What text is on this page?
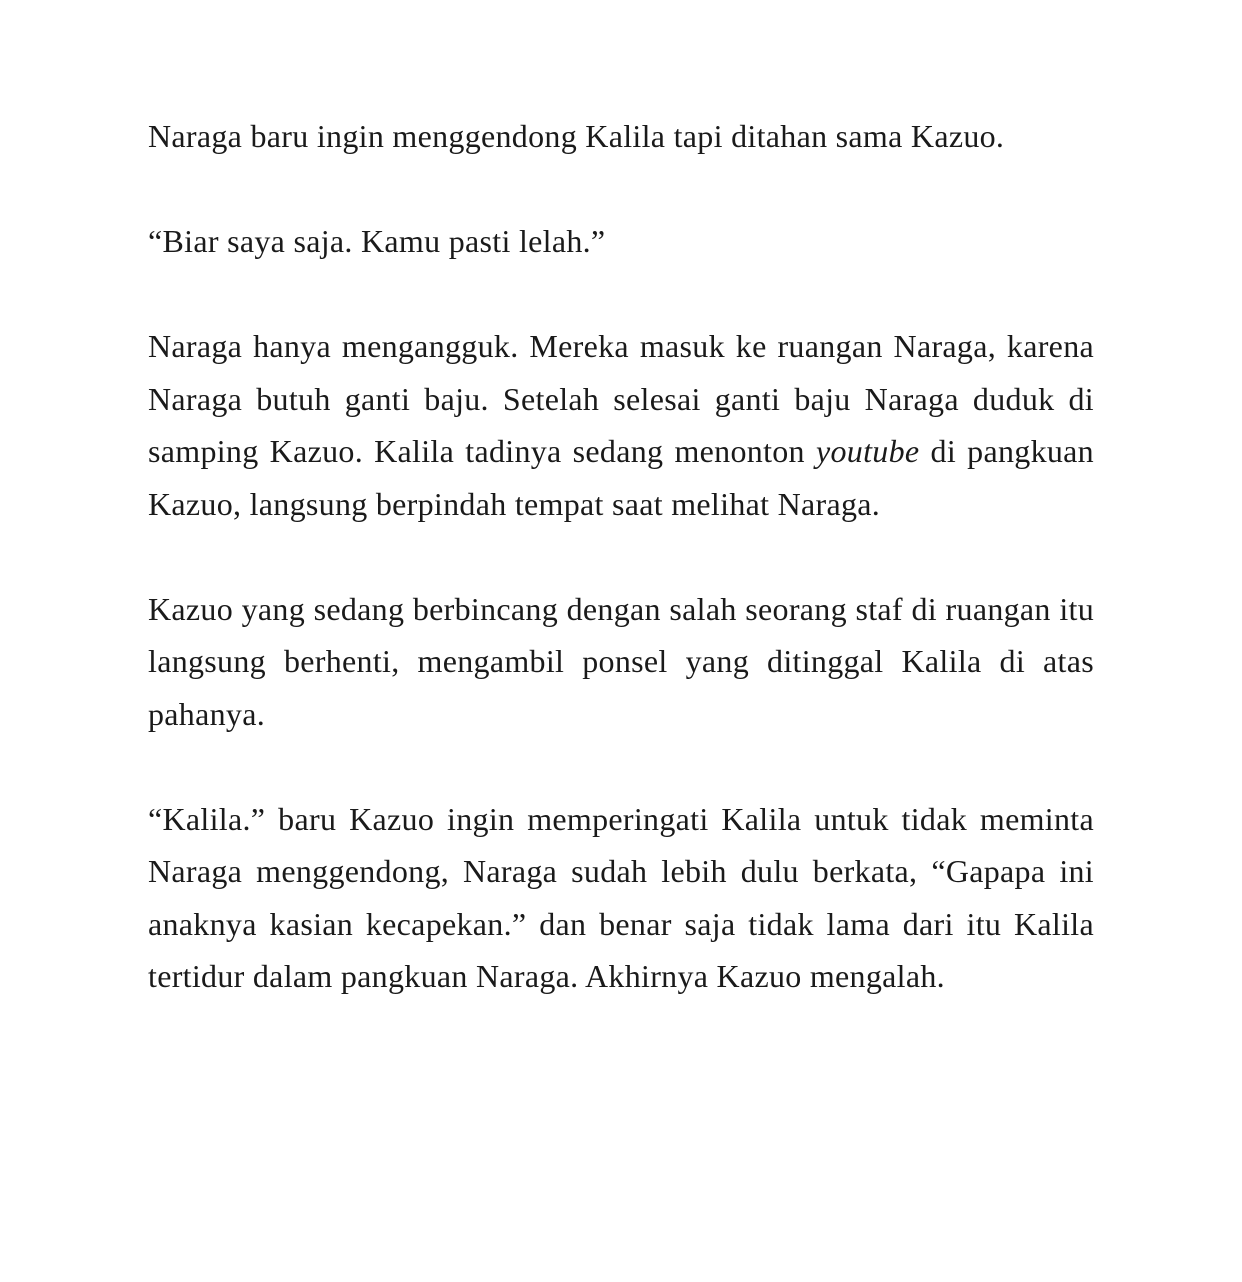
Naraga baru ingin menggendong Kalila tapi ditahan sama Kazuo.

“Biar saya saja. Kamu pasti lelah.”

Naraga hanya mengangguk. Mereka masuk ke ruangan Naraga, karena Naraga butuh ganti baju. Setelah selesai ganti baju Naraga duduk di samping Kazuo. Kalila tadinya sedang menonton youtube di pangkuan Kazuo, langsung berpindah tempat saat melihat Naraga.

Kazuo yang sedang berbincang dengan salah seorang staf di ruangan itu langsung berhenti, mengambil ponsel yang ditinggal Kalila di atas pahanya.

“Kalila.” baru Kazuo ingin memperingati Kalila untuk tidak meminta Naraga menggendong, Naraga sudah lebih dulu berkata, “Gapapa ini anaknya kasian kecapekan.” dan benar saja tidak lama dari itu Kalila tertidur dalam pangkuan Naraga. Akhirnya Kazuo mengalah.
